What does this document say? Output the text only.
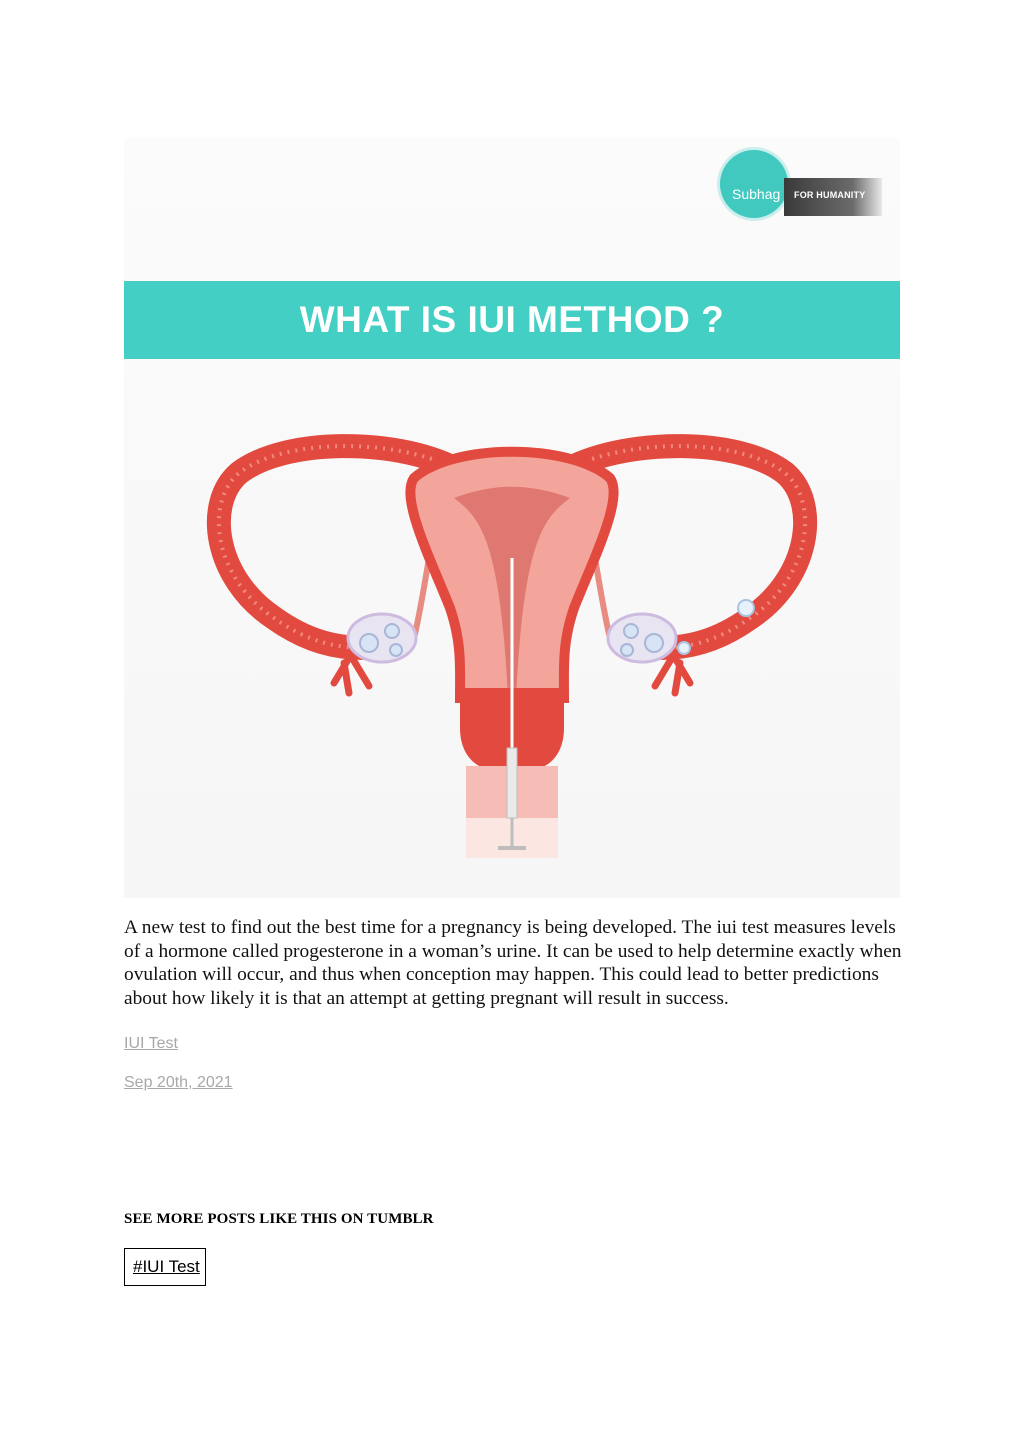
Subhag FOR HUMANITY
WHAT IS IUI METHOD ?

A new test to find out the best time for a pregnancy is being developed. The iui test measures levels of a hormone called progesterone in a woman’s urine. It can be used to help determine exactly when ovulation will occur, and thus when conception may happen. This could lead to better predictions about how likely it is that an attempt at getting pregnant will result in success.

IUI Test
Sep 20th, 2021
SEE MORE POSTS LIKE THIS ON TUMBLR
#IUI Test
